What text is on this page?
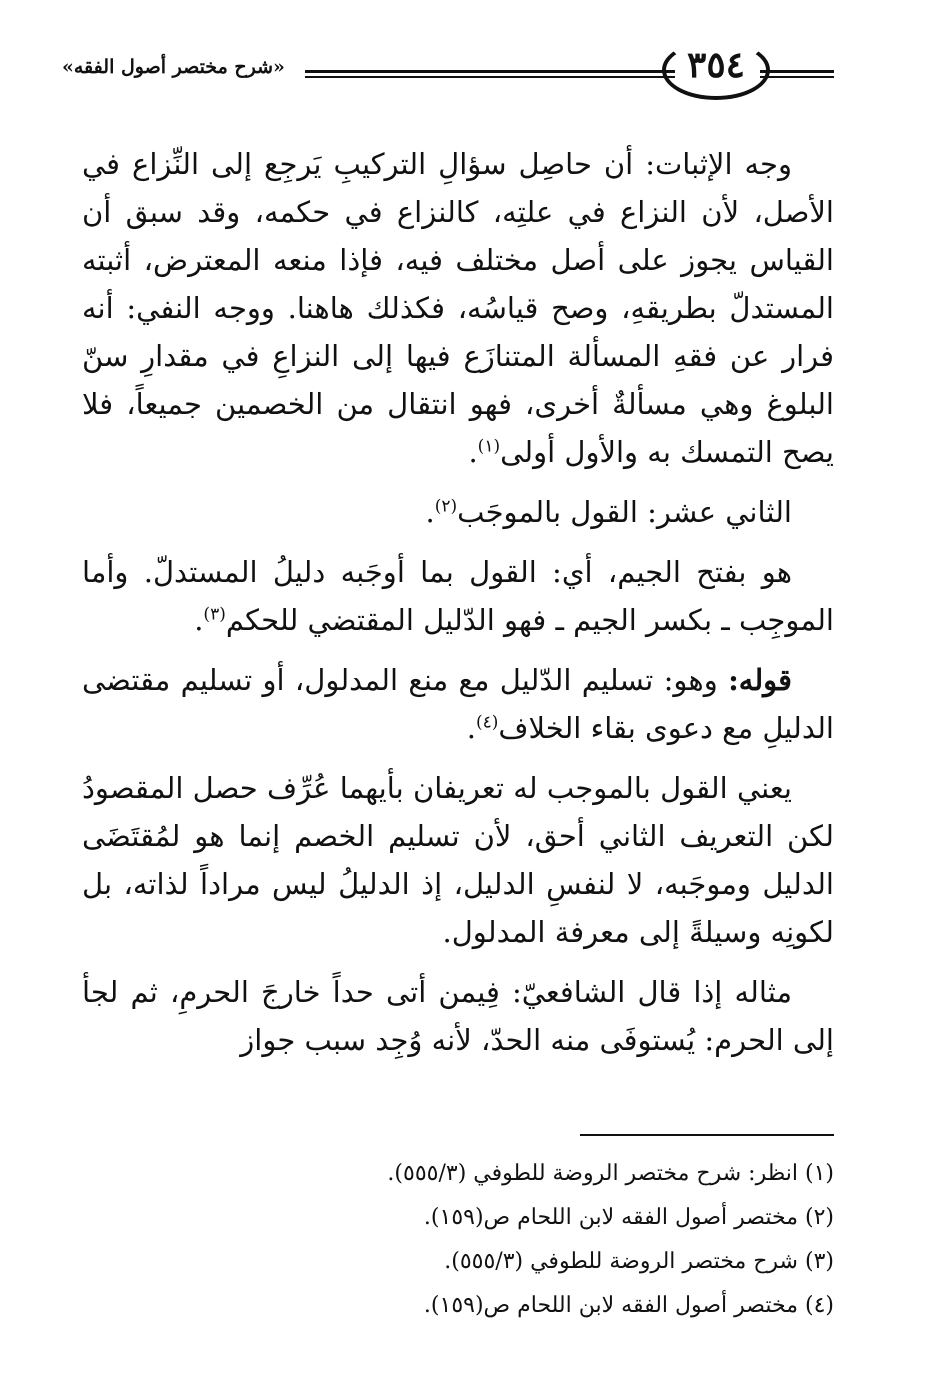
«شرح مختصر أصول الفقه»	٣٥٤

وجه الإثبات: أن حاصِل سؤالِ التركيبِ يَرجِع إلى النِّزاع في الأصل، لأن النزاع في علتِه، كالنزاع في حكمه، وقد سبق أن القياس يجوز على أصل مختلف فيه، فإذا منعه المعترض، أثبته المستدلّ بطريقهِ، وصح قياسُه، فكذلك هاهنا. ووجه النفي: أنه فرار عن فقهِ المسألة المتنازَع فيها إلى النزاعِ في مقدارِ سنّ البلوغ وهي مسألةٌ أخرى، فهو انتقال من الخصمين جميعاً، فلا يصح التمسك به والأول أولى$^{(١)}$.

الثاني عشر: القول بالموجَب$^{(٢)}$.

هو بفتح الجيم، أي: القول بما أوجَبه دليلُ المستدلّ. وأما الموجِب ـ بكسر الجيم ـ فهو الدّليل المقتضي للحكم$^{(٣)}$.

قوله: وهو: تسليم الدّليل مع منع المدلول، أو تسليم مقتضى الدليلِ مع دعوى بقاء الخلاف$^{(٤)}$.

يعني القول بالموجب له تعريفان بأيهما عُرِّف حصل المقصودُ لكن التعريف الثاني أحق، لأن تسليم الخصم إنما هو لمُقتَضَى الدليل وموجَبه، لا لنفسِ الدليل، إذ الدليلُ ليس مراداً لذاته، بل لكونِه وسيلةً إلى معرفة المدلول.

مثاله إذا قال الشافعيّ: فِيمن أتى حداً خارجَ الحرمِ، ثم لجأ إلى الحرم: يُستوفَى منه الحدّ، لأنه وُجِد سبب جواز

(١) انظر: شرح مختصر الروضة للطوفي (٥٥٥/٣).
(٢) مختصر أصول الفقه لابن اللحام ص(١٥٩).
(٣) شرح مختصر الروضة للطوفي (٥٥٥/٣).
(٤) مختصر أصول الفقه لابن اللحام ص(١٥٩).
